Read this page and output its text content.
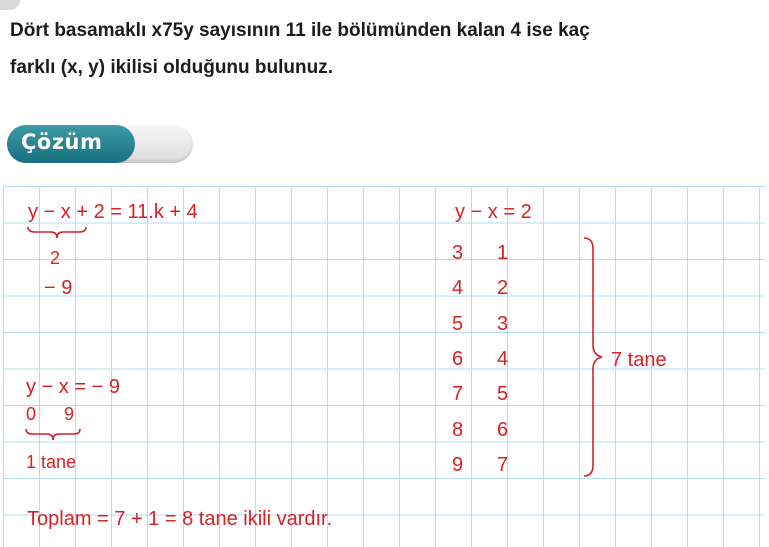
Dört basamaklı x75y sayısının 11 ile bölümünden kalan 4 ise kaç
farklı (x, y) ikilisi olduğunu bulunuz.

Çözüm
y − x + 2 = 11.k + 4
2
− 9
y − x = − 9
0 9
1 tane
y − x = 2
3 1
4 2
5 3
6 4
7 5
8 6
9 7
7 tane
Toplam = 7 + 1 = 8 tane ikili vardır.
